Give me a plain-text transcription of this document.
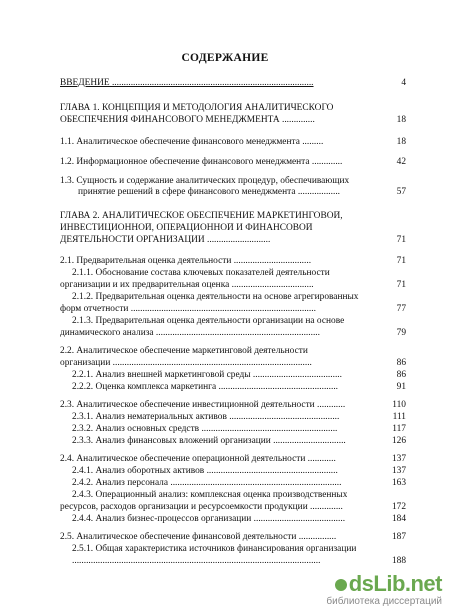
СОДЕРЖАНИЕ
ВВЕДЕНИЕ ......................................................................................	4
ГЛАВА 1. КОНЦЕПЦИЯ И МЕТОДОЛОГИЯ АНАЛИТИЧЕСКОГО
ОБЕСПЕЧЕНИЯ ФИНАНСОВОГО МЕНЕДЖМЕНТА ..............	18
1.1. Аналитическое обеспечение финансового менеджмента .........	18
1.2. Информационное обеспечение финансового менеджмента .............	42
1.3. Сущность и содержание аналитических процедур, обеспечивающих
принятие решений в сфере финансового менеджмента ..................	57
ГЛАВА 2. АНАЛИТИЧЕСКОЕ ОБЕСПЕЧЕНИЕ МАРКЕТИНГОВОЙ,
ИНВЕСТИЦИОННОЙ, ОПЕРАЦИОННОЙ И ФИНАНСОВОЙ
ДЕЯТЕЛЬНОСТИ ОРГАНИЗАЦИИ ...........................	71
2.1. Предварительная оценка деятельности .................................	71
2.1.1. Обоснование состава ключевых показателей деятельности
организации и их предварительная оценка ...................................	71
2.1.2. Предварительная оценка деятельности на основе агрегированных
форм отчетности ...............................................................................	77
2.1.3. Предварительная оценка деятельности организации на основе
динамического анализа ......................................................................	79
2.2. Аналитическое обеспечение маркетинговой деятельности
организации .....................................................................................	86
2.2.1. Анализ внешней маркетинговой среды ......................................	86
2.2.2. Оценка комплекса маркетинга ...................................................	91
2.3. Аналитическое обеспечение инвестиционной деятельности ............	110
2.3.1. Анализ нематериальных активов ...............................................	111
2.3.2. Анализ основных средств ..........................................................	117
2.3.3. Анализ финансовых вложений организации ...............................	126
2.4. Аналитическое обеспечение операционной деятельности ............	137
2.4.1. Анализ оборотных активов ........................................................	137
2.4.2. Анализ персонала .........................................................................	163
2.4.3. Операционный анализ: комплексная оценка производственных
ресурсов, расходов организации и ресурсоемкости продукции ..............	172
2.4.4. Анализ бизнес-процессов организации .......................................	184
2.5. Аналитическое обеспечение финансовой деятельности ................	187
2.5.1. Общая характеристика источников финансирования организации
..........................................................................................................	188
dsLib.net
библиотека диссертаций
